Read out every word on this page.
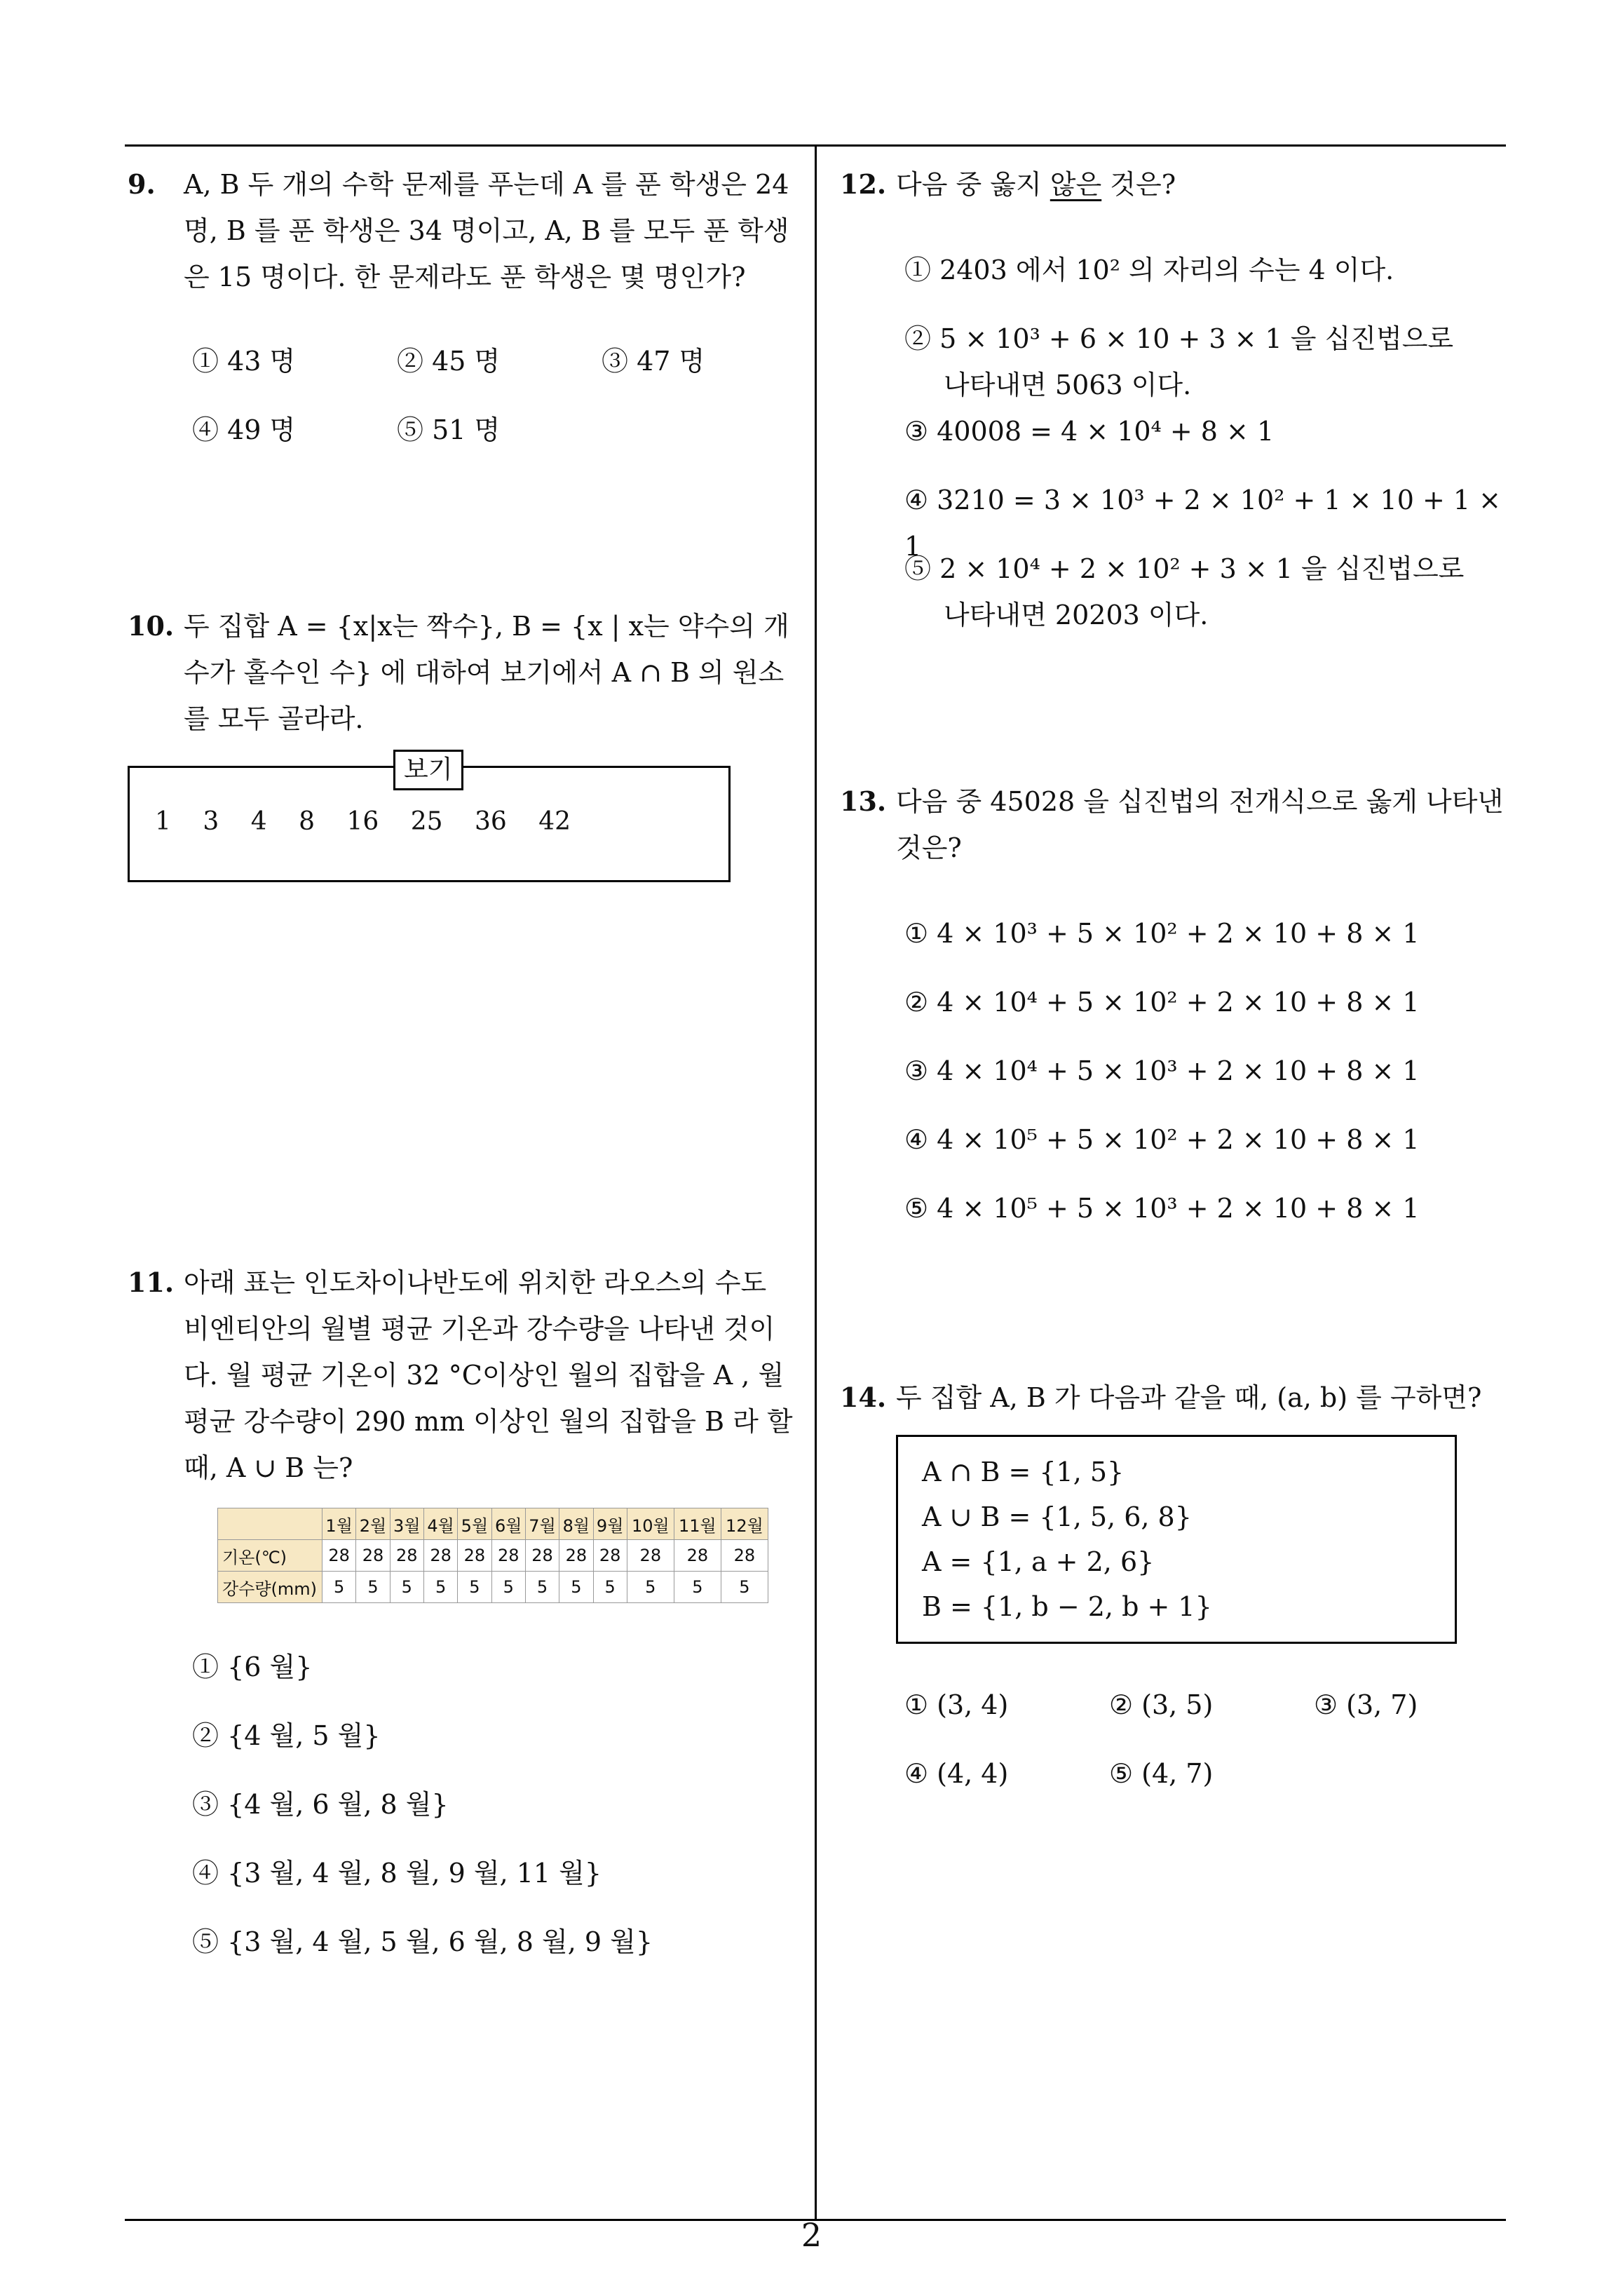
9. A, B 두 개의 수학 문제를 푸는데 A 를 푼 학생은 24 명, B 를 푼 학생은 34 명이고, A, B 를 모두 푼 학생은 15 명이다. 한 문제라도 푼 학생은 몇 명인가?

① 43 명	② 45 명	③ 47 명
④ 49 명	⑤ 51 명

10. 두 집합 A = {x|x는 짝수}, B = {x | x는 약수의 개수가 홀수인 수} 에 대하여 보기에서 A ∩ B 의 원소를 모두 골라라.

보기
1 3 4 8 16 25 36 42

11. 아래 표는 인도차이나반도에 위치한 라오스의 수도 비엔티안의 월별 평균 기온과 강수량을 나타낸 것이다. 월 평균 기온이 32 °C이상인 월의 집합을 A , 월 평균 강수량이 290 mm 이상인 월의 집합을 B 라 할 때, A ∪ B 는?

	1월	2월	3월	4월	5월	6월	7월	8월	9월	10월	11월	12월
기온(℃)	28	28	28	28	28	28	28	28	28	28	28	28
강수량(mm)	5	5	5	5	5	5	5	5	5	5	5	5
① {6 월}
② {4 월, 5 월}
③ {4 월, 6 월, 8 월}
④ {3 월, 4 월, 8 월, 9 월, 11 월}
⑤ {3 월, 4 월, 5 월, 6 월, 8 월, 9 월}

12. 다음 중 옳지 않은 것은?

① 2403 에서 10² 의 자리의 수는 4 이다.
② 5 × 10³ + 6 × 10 + 3 × 1 을 십진법으로
나타내면 5063 이다.
③ 40008 = 4 × 10⁴ + 8 × 1
④ 3210 = 3 × 10³ + 2 × 10² + 1 × 10 + 1 × 1
⑤ 2 × 10⁴ + 2 × 10² + 3 × 1 을 십진법으로
나타내면 20203 이다.

13. 다음 중 45028 을 십진법의 전개식으로 옳게 나타낸 것은?

① 4 × 10³ + 5 × 10² + 2 × 10 + 8 × 1
② 4 × 10⁴ + 5 × 10² + 2 × 10 + 8 × 1
③ 4 × 10⁴ + 5 × 10³ + 2 × 10 + 8 × 1
④ 4 × 10⁵ + 5 × 10² + 2 × 10 + 8 × 1
⑤ 4 × 10⁵ + 5 × 10³ + 2 × 10 + 8 × 1

14. 두 집합 A, B 가 다음과 같을 때, (a, b) 를 구하면?

A ∩ B = {1, 5}
A ∪ B = {1, 5, 6, 8}
A = {1, a + 2, 6}
B = {1, b − 2, b + 1}
① (3, 4)	② (3, 5)	③ (3, 7)
④ (4, 4)	⑤ (4, 7)
2
